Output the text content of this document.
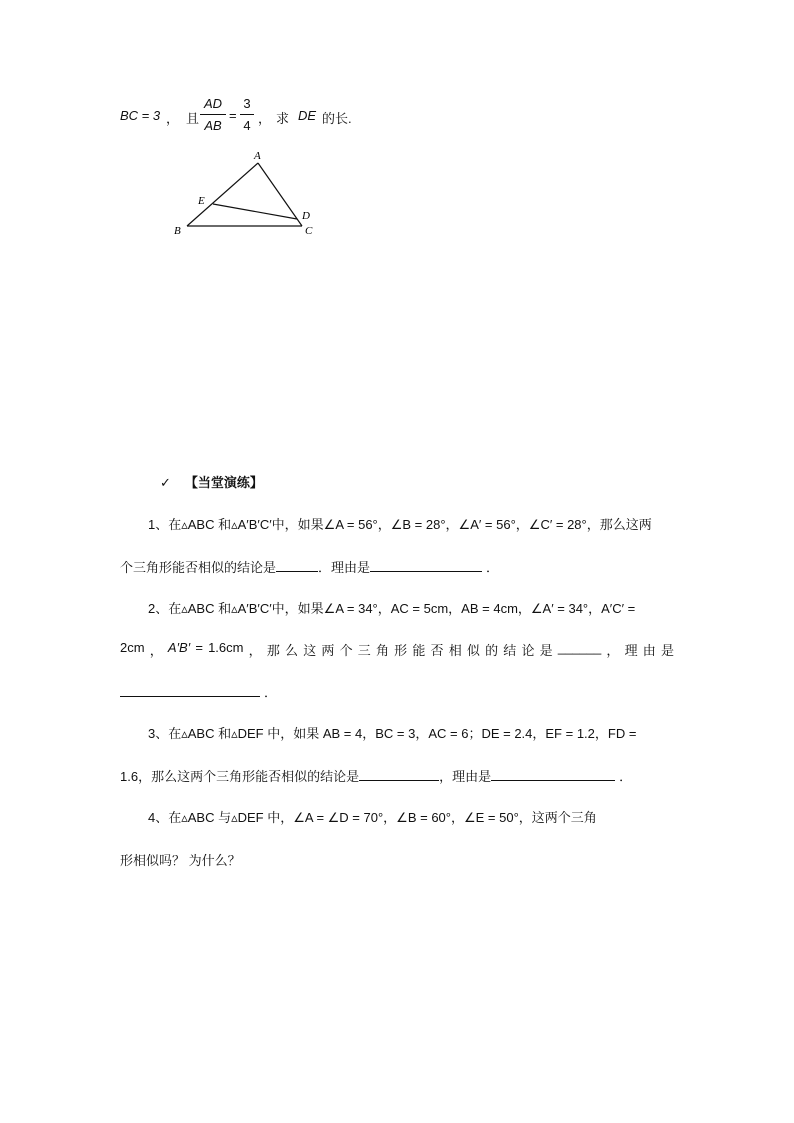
BC = 3 ， 且
AD
AB
=
3
4 ， 求 DE 的长.
A
B	C
D
E
✓ 【当堂演练】
1、在▵ABC 和▵A′B′C′中，如果∠A = 56°，∠B = 28°，∠A′ = 56°，∠C′ = 28°，那么这两
个三角形能否相似的结论是	．理由是	．
2、在▵ABC 和▵A′B′C′中，如果∠A = 34°，AC = 5cm，AB = 4cm，∠A′ = 34°，A′C′ =
2cm ， A′B′ = 1.6cm ， 那 么 这 两 个 三 角 形 能 否 相 似 的 结 论 是 ______ ， 理 由 是
．
3、在▵ABC 和▵DEF 中，如果 AB = 4，BC = 3，AC = 6；DE = 2.4，EF = 1.2，FD =
1.6，那么这两个三角形能否相似的结论是	，理由是	．
4、在▵ABC 与▵DEF 中，∠A = ∠D = 70°，∠B = 60°，∠E = 50°，这两个三角
形相似吗？ 为什么？
